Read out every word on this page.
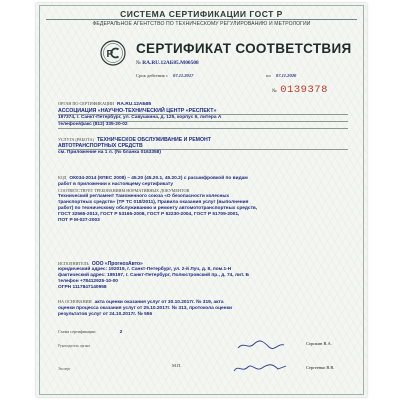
СИСТЕМА СЕРТИФИКАЦИИ ГОСТ Р
ФЕДЕРАЛЬНОЕ АГЕНТСТВО ПО ТЕХНИЧЕСКОМУ РЕГУЛИРОВАНИЮ И МЕТРОЛОГИИ
P СЕРТИФИКАТ СООТВЕТСТВИЯ
№ RA.RU.12AБ85.M00508
Срок действия с 07.11.2017	по 07.11.2020
№ 0139378
ОРГАН ПО СЕРТИФИКАЦИИ RA.RU.12AБ85
АССОЦИАЦИЯ «НАУЧНО-ТЕХНИЧЕСКИЙ ЦЕНТР «РЕСПЕКТ»
197374, г. Санкт-Петербург, ул. Савушкина, д. 125, корпус 6, литера А
телефон/факс (812) 335-20-02
УСЛУГА (РАБОТА) ТЕХНИЧЕСКОЕ ОБСЛУЖИВАНИЕ И РЕМОНТ
АВТОТРАНСПОРТНЫХ СРЕДСТВ
см. Приложение на 1 л. (№ бланка 0163358)
КОД ОК034-2014 (КПЕС 2008) – 45.20 (45.20.1, 45.20.2) с расшифровкой по видам
работ в приложении к настоящему сертификату
СООТВЕТСТВУЕТ ТРЕБОВАНИЯМ НОРМАТИВНЫХ ДОКУМЕНТОВ
Технический регламент Таможенного союза «О безопасности колесных
транспортных средств» (ТР ТС 018/2011), Правила оказания услуг (выполнения
работ) по техническому обслуживанию и ремонту автомототранспортных средств,
ГОСТ 32565-2013, ГОСТ Р 53165-2008, ГОСТ Р 52230-2004, ГОСТ Р 51709-2001,
ПОТ Р М-027-2003
ИСПОЛНИТЕЛЬ ООО «ПрогнозАвто»
юридический адрес: 192019, г. Санкт-Петербург, ул. 2-й Луч, д. 8, пом.1-Н
фактический адрес: 195197, г. Санкт-Петербург, Полюстровский пр., д. 74, лит. Б
телефон +78412925-10-00
ОГРН 1117847140958
НА ОСНОВАНИИ акта оценки оказания услуг от 30.10.2017г. № 319, акта
оценки процесса оказания услуг от 25.10.2017г. № 313, протокола оценки
результатов услуг от 24.10.2017г. № 556
Схема сертификации	2
Руководитель органа	Сорокин В.А.
Эксперт	Сергеенко В.В.
М.П.
